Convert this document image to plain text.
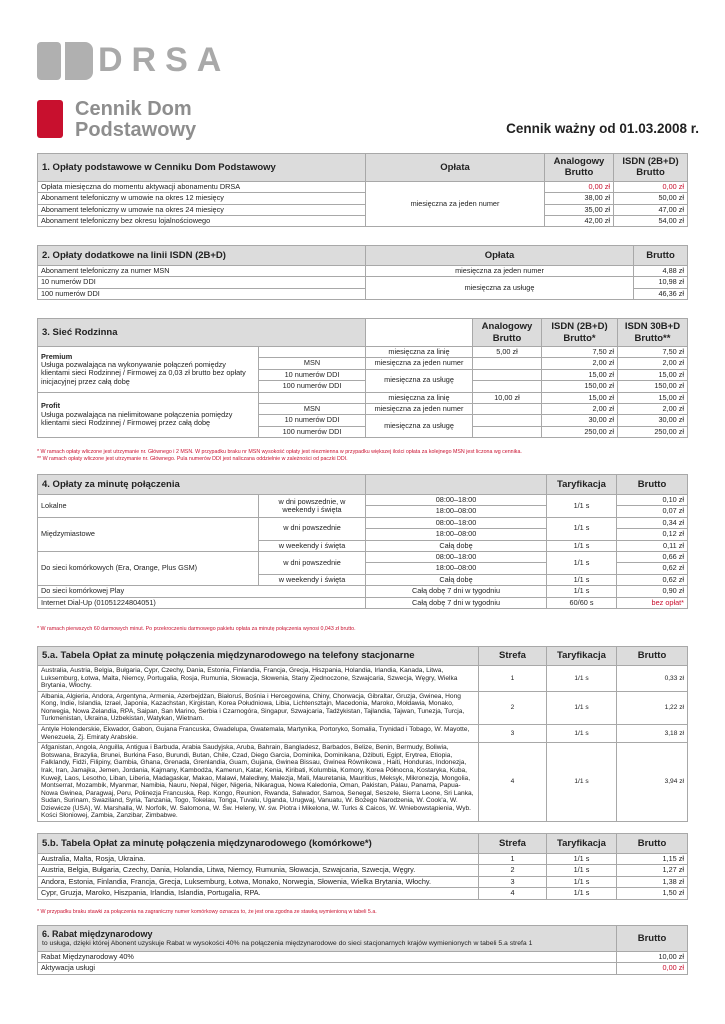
DRSA
Cennik Dom
Podstawowy	Cennik ważny od 01.03.2008 r.
1. Opłaty podstawowe w Cenniku Dom Podstawowy	Opłata	Analogowy Brutto	ISDN (2B+D) Brutto
Opłata miesięczna do momentu aktywacji abonamentu DRSA	miesięczna za jeden numer	0,00 zł	0,00 zł
Abonament telefoniczny w umowie na okres 12 miesięcy		38,00 zł	50,00 zł
Abonament telefoniczny w umowie na okres 24 miesięcy		35,00 zł	47,00 zł
Abonament telefoniczny bez okresu lojalnościowego		42,00 zł	54,00 zł
2. Opłaty dodatkowe na linii ISDN (2B+D)	Opłata	Brutto
Abonament telefoniczny za numer MSN	miesięczna za jeden numer	4,88 zł
10 numerów DDI	miesięczna za usługę	10,98 zł
100 numerów DDI		46,36 zł
3. Sieć Rodzinna			Analogowy Brutto	ISDN (2B+D) Brutto*	ISDN 30B+D Brutto**
Premium
Usługa pozwalająca na wykonywanie połączeń pomiędzy klientami sieci Rodzinnej / Firmowej za 0,03 zł brutto bez opłaty inicjacyjnej przez całą dobę		miesięczna za linię	5,00 zł	7,50 zł	7,50 zł
	MSN	miesięczna za jeden numer		2,00 zł	2,00 zł
	10 numerów DDI	miesięczna za usługę		15,00 zł	15,00 zł
	100 numerów DDI			150,00 zł	150,00 zł
Profit
Usługa pozwalająca na nielimitowane połączenia pomiędzy klientami sieci Rodzinnej / Firmowej przez całą dobę		miesięczna za linię	10,00 zł	15,00 zł	15,00 zł
	MSN	miesięczna za jeden numer		2,00 zł	2,00 zł
	10 numerów DDI	miesięczna za usługę		30,00 zł	30,00 zł
	100 numerów DDI			250,00 zł	250,00 zł
* W ramach opłaty wliczone jest utrzymanie nr. Głównego i 2 MSN. W przypadku braku nr MSN wysokość opłaty jest niezmienna w przypadku większej ilości opłata za kolejnego MSN jest liczona wg cennika.
** W ramach opłaty wliczone jest utrzymanie nr. Głównego. Pula numerów DDI jest naliczana oddzielnie w zależności od paczki DDI.
4. Opłaty za minutę połączenia			Taryfikacja	Brutto
Lokalne	w dni powszednie, w weekendy i święta	08:00–18:00	1/1 s	0,10 zł
		18:00–08:00		0,07 zł
Międzymiastowe	w dni powszednie	08:00–18:00	1/1 s	0,34 zł
		18:00–08:00		0,12 zł
	w weekendy i święta	Całą dobę	1/1 s	0,11 zł
Do sieci komórkowych (Era, Orange, Plus GSM)	w dni powszednie	08:00–18:00	1/1 s	0,66 zł
		18:00–08:00		0,62 zł
	w weekendy i święta	Całą dobę	1/1 s	0,62 zł
Do sieci komórkowej Play		Całą dobę 7 dni w tygodniu	1/1 s	0,90 zł
Internet Dial-Up (01051224804051)		Całą dobę 7 dni w tygodniu	60/60 s	bez opłat*
* W ramach pierwszych 60 darmowych minut. Po przekroczeniu darmowego pakietu opłata za minutę połączenia wynosi 0,043 zł brutto.
5.a. Tabela Opłat za minutę połączenia międzynarodowego na telefony stacjonarne	Strefa	Taryfikacja	Brutto
Australia, Austria, Belgia, Bułgaria, Cypr, Czechy, Dania, Estonia, Finlandia, Francja, Grecja, Hiszpania, Holandia, Irlandia, Kanada, Litwa, Luksemburg, Łotwa, Malta, Niemcy, Portugalia, Rosja, Rumunia, Słowacja, Słowenia, Stany Zjednoczone, Szwajcaria, Szwecja, Węgry, Wielka Brytania, Włochy.	1	1/1 s	0,33 zł
Albania, Algieria, Andora, Argentyna, Armenia, Azerbejdżan, Białoruś, Bośnia i Hercegowina, Chiny, Chorwacja, Gibraltar, Gruzja, Gwinea, Hong Kong, Indie, Islandia, Izrael, Japonia, Kazachstan, Kirgistan, Korea Południowa, Libia, Lichtensztajn, Macedonia, Maroko, Mołdawia, Monako, Norwegia, Nowa Zelandia, RPA, Saipan, San Marino, Serbia i Czarnogóra, Singapur, Szwajcaria, Tadżykistan, Tajlandia, Tajwan, Tunezja, Turcja, Turkmenistan, Ukraina, Uzbekistan, Watykan, Wietnam.	2	1/1 s	1,22 zł
Antyle Holenderskie, Ekwador, Gabon, Gujana Francuska, Gwadelupa, Gwatemala, Martynika, Portoryko, Somalia, Trynidad i Tobago, W. Mayotte, Wenezuela, Zj. Emiraty Arabskie.	3	1/1 s	3,18 zł
Afganistan, Angola, Anguilla, Antigua i Barbuda, Arabia Saudyjska, Aruba, Bahrain, Bangladesz, Barbados, Belize, Benin, Bermudy, Boliwia, Botswana, Brazylia, Brunei, Burkina Faso, Burundi, Butan, Chile, Czad, Diego Garcia, Dominika, Dominikana, Dżibuti, Egipt, Erytrea, Etiopia, Falklandy, Fidżi, Filipiny, Gambia, Ghana, Grenada, Grenlandia, Guam, Gujana, Gwinea Bissau, Gwinea Równikowa , Haiti, Honduras, Indonezja, Irak, Iran, Jamajka, Jemen, Jordania, Kajmany, Kambodża, Kamerun, Katar, Kenia, Kiribati, Kolumbia, Komory, Korea Północna, Kostaryka, Kuba, Kuwejt, Laos, Lesotho, Liban, Liberia, Madagaskar, Makao, Malawi, Malediwy, Malezja, Mali, Mauretania, Mauritius, Meksyk, Mikronezja, Mongolia, Montserrat, Mozambik, Myanmar, Namibia, Nauru, Nepal, Niger, Nigeria, Nikaragua, Nowa Kaledonia, Oman, Pakistan, Palau, Panama, Papua-Nowa Gwinea, Paragwaj, Peru, Polinezja Francuska, Rep. Kongo, Reunion, Rwanda, Salwador, Samoa, Senegal, Seszele, Sierra Leone, Sri Lanka, Sudan, Surinam, Swaziland, Syria, Tanzania, Togo, Tokelau, Tonga, Tuvalu, Uganda, Urugwaj, Vanuatu, W. Bożego Narodzenia, W. Cook'a, W. Dziewicze (USA), W. Marshalla, W. Norfolk, W. Salomona, W. Św. Heleny, W. św. Piotra i Mikelona, W. Turks & Caicos, W. Wniebowstąpienia, Wyb. Kości Słoniowej, Zambia, Zanzibar, Zimbabwe.	4	1/1 s	3,94 zł
5.b. Tabela Opłat za minutę połączenia międzynarodowego (komórkowe*)	Strefa	Taryfikacja	Brutto
Australia, Malta, Rosja, Ukraina.	1	1/1 s	1,15 zł
Austria, Belgia, Bułgaria, Czechy, Dania, Holandia, Litwa, Niemcy, Rumunia, Słowacja, Szwajcaria, Szwecja, Węgry.	2	1/1 s	1,27 zł
Andora, Estonia, Finlandia, Francja, Grecja, Luksemburg, Łotwa, Monako, Norwegia, Słowenia, Wielka Brytania, Włochy.	3	1/1 s	1,38 zł
Cypr, Gruzja, Maroko, Hiszpania, Irlandia, Islandia, Portugalia, RPA.	4	1/1 s	1,50 zł
* W przypadku braku stawki za połączenia na zagraniczny numer komórkowy oznacza to, że jest ona zgodna ze stawką wymienioną w tabeli 5.a.
6. Rabat międzynarodowy
to usługa, dzięki której Abonent uzyskuje Rabat w wysokości 40% na połączenia międzynarodowe do sieci stacjonarnych krajów wymienionych w tabeli 5.a strefa 1	Brutto
Rabat Międzynarodowy 40%	10,00 zł
Aktywacja usługi	0,00 zł
